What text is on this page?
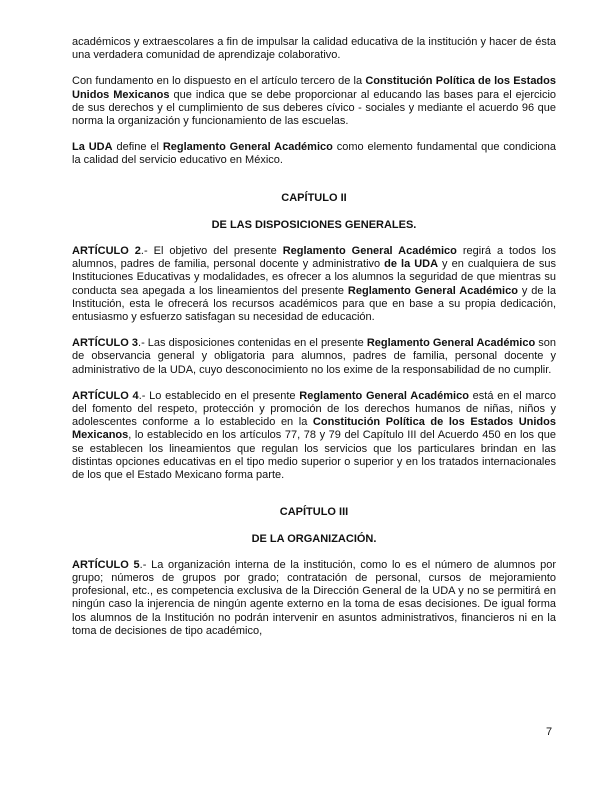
académicos y extraescolares a fin de impulsar la calidad educativa de la institución y hacer de ésta una verdadera comunidad de aprendizaje colaborativo.

Con fundamento en lo dispuesto en el artículo tercero de la Constitución Política de los Estados Unidos Mexicanos que indica que se debe proporcionar al educando las bases para el ejercicio de sus derechos y el cumplimiento de sus deberes cívico - sociales y mediante el acuerdo 96 que norma la organización y funcionamiento de las escuelas.

La UDA define el Reglamento General Académico como elemento fundamental que condiciona la calidad del servicio educativo en México.

CAPÍTULO II
DE LAS DISPOSICIONES GENERALES.

ARTÍCULO 2.- El objetivo del presente Reglamento General Académico regirá a todos los alumnos, padres de familia, personal docente y administrativo de la UDA y en cualquiera de sus Instituciones Educativas y modalidades, es ofrecer a los alumnos la seguridad de que mientras su conducta sea apegada a los lineamientos del presente Reglamento General Académico y de la Institución, esta le ofrecerá los recursos académicos para que en base a su propia dedicación, entusiasmo y esfuerzo satisfagan su necesidad de educación.

ARTÍCULO 3.- Las disposiciones contenidas en el presente Reglamento General Académico son de observancia general y obligatoria para alumnos, padres de familia, personal docente y administrativo de la UDA, cuyo desconocimiento no los exime de la responsabilidad de no cumplir.

ARTÍCULO 4.- Lo establecido en el presente Reglamento General Académico está en el marco del fomento del respeto, protección y promoción de los derechos humanos de niñas, niños y adolescentes conforme a lo establecido en la Constitución Política de los Estados Unidos Mexicanos, lo establecido en los artículos 77, 78 y 79 del Capítulo III del Acuerdo 450 en los que se establecen los lineamientos que regulan los servicios que los particulares brindan en las distintas opciones educativas en el tipo medio superior o superior y en los tratados internacionales de los que el Estado Mexicano forma parte.

CAPÍTULO III
DE LA ORGANIZACIÓN.

ARTÍCULO 5.- La organización interna de la institución, como lo es el número de alumnos por grupo; números de grupos por grado; contratación de personal, cursos de mejoramiento profesional, etc., es competencia exclusiva de la Dirección General de la UDA y no se permitirá en ningún caso la injerencia de ningún agente externo en la toma de esas decisiones. De igual forma los alumnos de la Institución no podrán intervenir en asuntos administrativos, financieros ni en la toma de decisiones de tipo académico,

7
